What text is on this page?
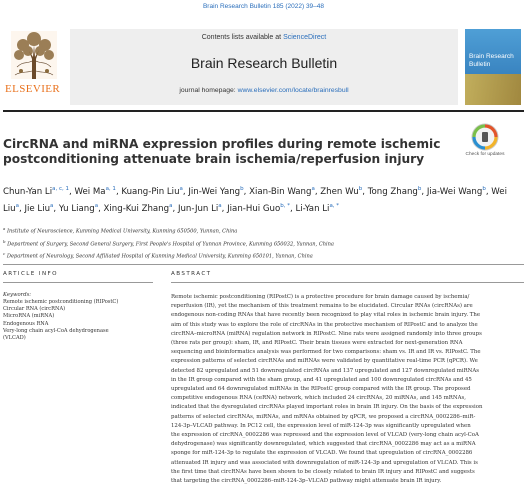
Brain Research Bulletin 185 (2022) 39–48
ELSEVIER
Contents lists available at ScienceDirect
Brain Research Bulletin
journal homepage: www.elsevier.com/locate/brainresbull
Brain Research Bulletin
CircRNA and miRNA expression profiles during remote ischemic postconditioning attenuate brain ischemia/reperfusion injury	Check for updates
Chun-Yan Li$^{a, c, 1}$, Wei Ma$^{a, 1}$, Kuang-Pin Liu$^a$, Jin-Wei Yang$^b$, Xian-Bin Wang$^a$, Zhen Wu$^b$, Tong Zhang$^b$, Jia-Wei Wang$^b$, Wei Liu$^a$, Jie Liu$^a$, Yu Liang$^a$, Xing-Kui Zhang$^a$, Jun-Jun Li$^a$, Jian-Hui Guo$^{b, *}$, Li-Yan $Li^{a, *}$
$^a$ Institute of Neuroscience, Kunming Medical University, Kunming 650500, Yunnan, China
$^b$ Department of Surgery, Second General Surgery, First People's Hospital of Yunnan Province, Kunming 650032, Yunnan, China
$^c$ Department of Neurology, Second Affiliated Hospital of Kunming Medical University, Kunming 650101, Yunnan, China
ARTICLE INFO
Keywords:
Remote ischemic postconditioning (RIPostC)
Circular RNA (circRNA)
MicroRNA (miRNA)
Endogenous RNA
Very-long chain acyl-CoA dehydrogenase
(VLCAD)
ABSTRACT
Remote ischemic postconditioning (RIPostC) is a protective procedure for brain damage caused by ischemia/
reperfusion (IR), yet the mechanism of this treatment remains to be elucidated. Circular RNAs (circRNAs) are
endogenous non-coding RNAs that have recently been recognized to play vital roles in ischemic brain injury. The
aim of this study was to explore the role of circRNAs in the protective mechanism of RIPostC and to analyze the
circRNA–microRNA (miRNA) regulation network in RIPostC. Nine rats were assigned randomly into three groups
(three rats per group): sham, IR, and RIPostC. Their brain tissues were extracted for next-generation RNA
sequencing and bioinformatics analysis was performed for two comparisons: sham vs. IR and IR vs. RIPostC. The
expression patterns of selected circRNAs and miRNAs were validated by quantitative real-time PCR (qPCR). We
detected 82 upregulated and 51 downregulated circRNAs and 137 upregulated and 127 downregulated miRNAs
in the IR group compared with the sham group, and 41 upregulated and 100 downregulated circRNAs and 45
upregulated and 64 downregulated miRNAs in the RIPostC group compared with the IR group. The proposed
competitive endogenous RNA (ceRNA) network, which included 24 circRNAs, 20 miRNAs, and 145 mRNAs,
indicated that the dysregulated circRNAs played important roles in brain IR injury. On the basis of the expression
patterns of selected circRNAs, miRNAs, and mRNAs obtained by qPCR, we proposed a circRNA_0002286–miR-
124-3p–VLCAD pathway. In PC12 cell, the expression level of miR-124-3p was significantly upregulated when
the expression of circRNA_0002286 was repressed and the expression level of VLCAD (very-long chain acyl-CoA
dehydrogenase) was significantly downregulated, which suggested that circRNA_0002286 may act as a miRNA
sponge for miR-124-3p to regulate the expression of VLCAD. We found that upregulation of circRNA_0002286
attenuated IR injury and was associated with downregulation of miR-124-3p and upregulation of VLCAD. This is
the first time that circRNAs have been shown to be closely related to brain IR injury and RIPostC and suggests
that targeting the circRNA_0002286–miR-124-3p–VLCAD pathway might attenuate brain IR injury.
